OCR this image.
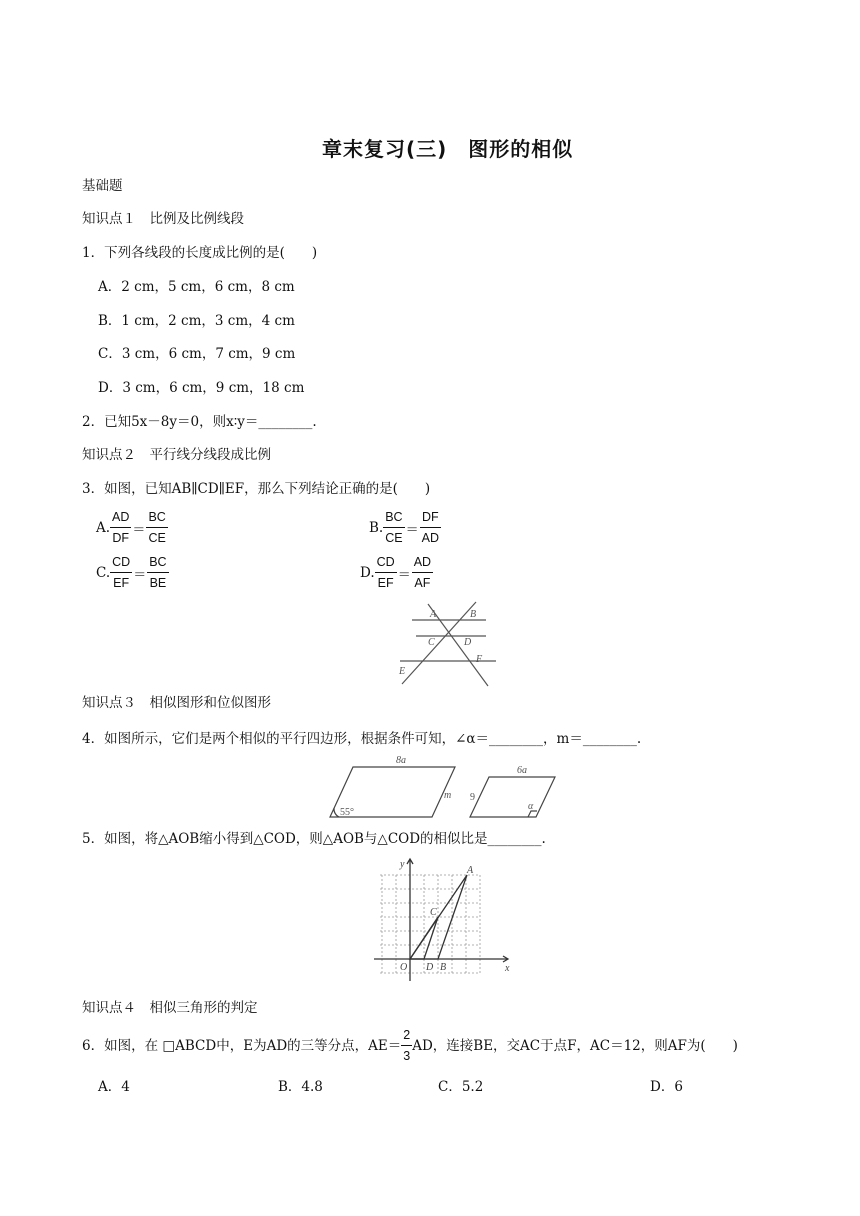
章末复习(三)　图形的相似
基础题
知识点１　比例及比例线段
1．下列各线段的长度成比例的是(　　)
A．2 cm，5 cm，6 cm，8 cm
B．1 cm，2 cm，3 cm，4 cm
C．3 cm，6 cm，7 cm，9 cm
D．3 cm，6 cm，9 cm，18 cm
2．已知5x－8y＝0，则x∶y＝________.
知识点２　平行线分线段成比例
3．如图，已知AB∥CD∥EF，那么下列结论正确的是(　　)
A. $\frac{AD}{DF} = \frac{BC}{CE}$	B. $\frac{BC}{CE} = \frac{DF}{AD}$
C. $\frac{CD}{EF} = \frac{BC}{BE}$	D. $\frac{CD}{EF} = \frac{AD}{AF}$
A	B
C	D
E
F
知识点３　相似图形和位似图形
4．如图所示，它们是两个相似的平行四边形，根据条件可知，∠α＝________，m＝________.
8a
55°
m
6a
9
α
5．如图，将△AOB缩小得到△COD，则△AOB与△COD的相似比是________.
y
x
O
A
C
D B
知识点４　相似三角形的判定
6．如图，在 □ABCD中，E为AD的三等分点，$AE= \frac{2}{3}$ AD，连接BE，交AC于点F，AC＝12，则AF为(　　)
A．4	B．4.8	C．5.2	D．6
